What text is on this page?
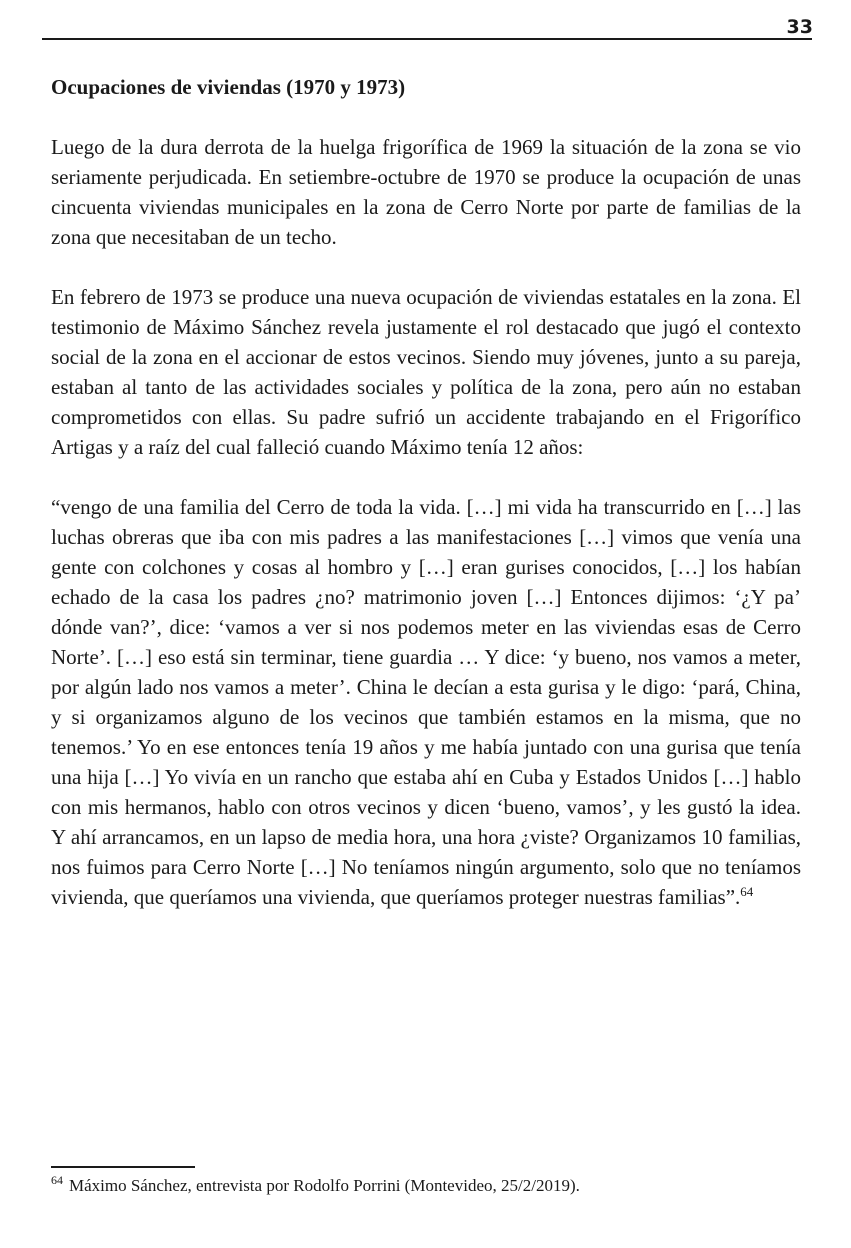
33
Ocupaciones de viviendas (1970 y 1973)

Luego de la dura derrota de la huelga frigorífica de 1969 la situación de la zona se vio seriamente perjudicada. En setiembre-octubre de 1970 se produce la ocupación de unas cincuenta viviendas municipales en la zona de Cerro Norte por parte de familias de la zona que necesitaban de un techo.

En febrero de 1973 se produce una nueva ocupación de viviendas estatales en la zona. El testimonio de Máximo Sánchez revela justamente el rol destacado que jugó el contexto social de la zona en el accionar de estos vecinos. Siendo muy jóvenes, junto a su pareja, estaban al tanto de las actividades sociales y política de la zona, pero aún no estaban comprometidos con ellas. Su padre sufrió un accidente trabajando en el Frigorífico Artigas y a raíz del cual falleció cuando Máximo tenía 12 años:

“vengo de una familia del Cerro de toda la vida. […] mi vida ha transcurrido en […] las luchas obreras que iba con mis padres a las manifestaciones […] vimos que venía una gente con colchones y cosas al hombro y […] eran gurises conocidos, […] los habían echado de la casa los padres ¿no? matrimonio joven […] Entonces dijimos: ‘¿Y pa’ dónde van?’, dice: ‘vamos a ver si nos podemos meter en las viviendas esas de Cerro Norte’. […] eso está sin terminar, tiene guardia … Y dice: ‘y bueno, nos vamos a meter, por algún lado nos vamos a meter’. China le decían a esta gurisa y le digo: ‘pará, China, y si organizamos alguno de los vecinos que también estamos en la misma, que no tenemos.’ Yo en ese entonces tenía 19 años y me había juntado con una gurisa que tenía una hija […] Yo vivía en un rancho que estaba ahí en Cuba y Estados Unidos […] hablo con mis hermanos, hablo con otros vecinos y dicen ‘bueno, vamos’, y les gustó la idea. Y ahí arrancamos, en un lapso de media hora, una hora ¿viste? Organizamos 10 familias, nos fuimos para Cerro Norte […] No teníamos ningún argumento, solo que no teníamos vivienda, que queríamos una vivienda, que queríamos proteger nuestras familias”.$^{64}$

$^{64}$ Máximo Sánchez, entrevista por Rodolfo Porrini (Montevideo, 25/2/2019).
